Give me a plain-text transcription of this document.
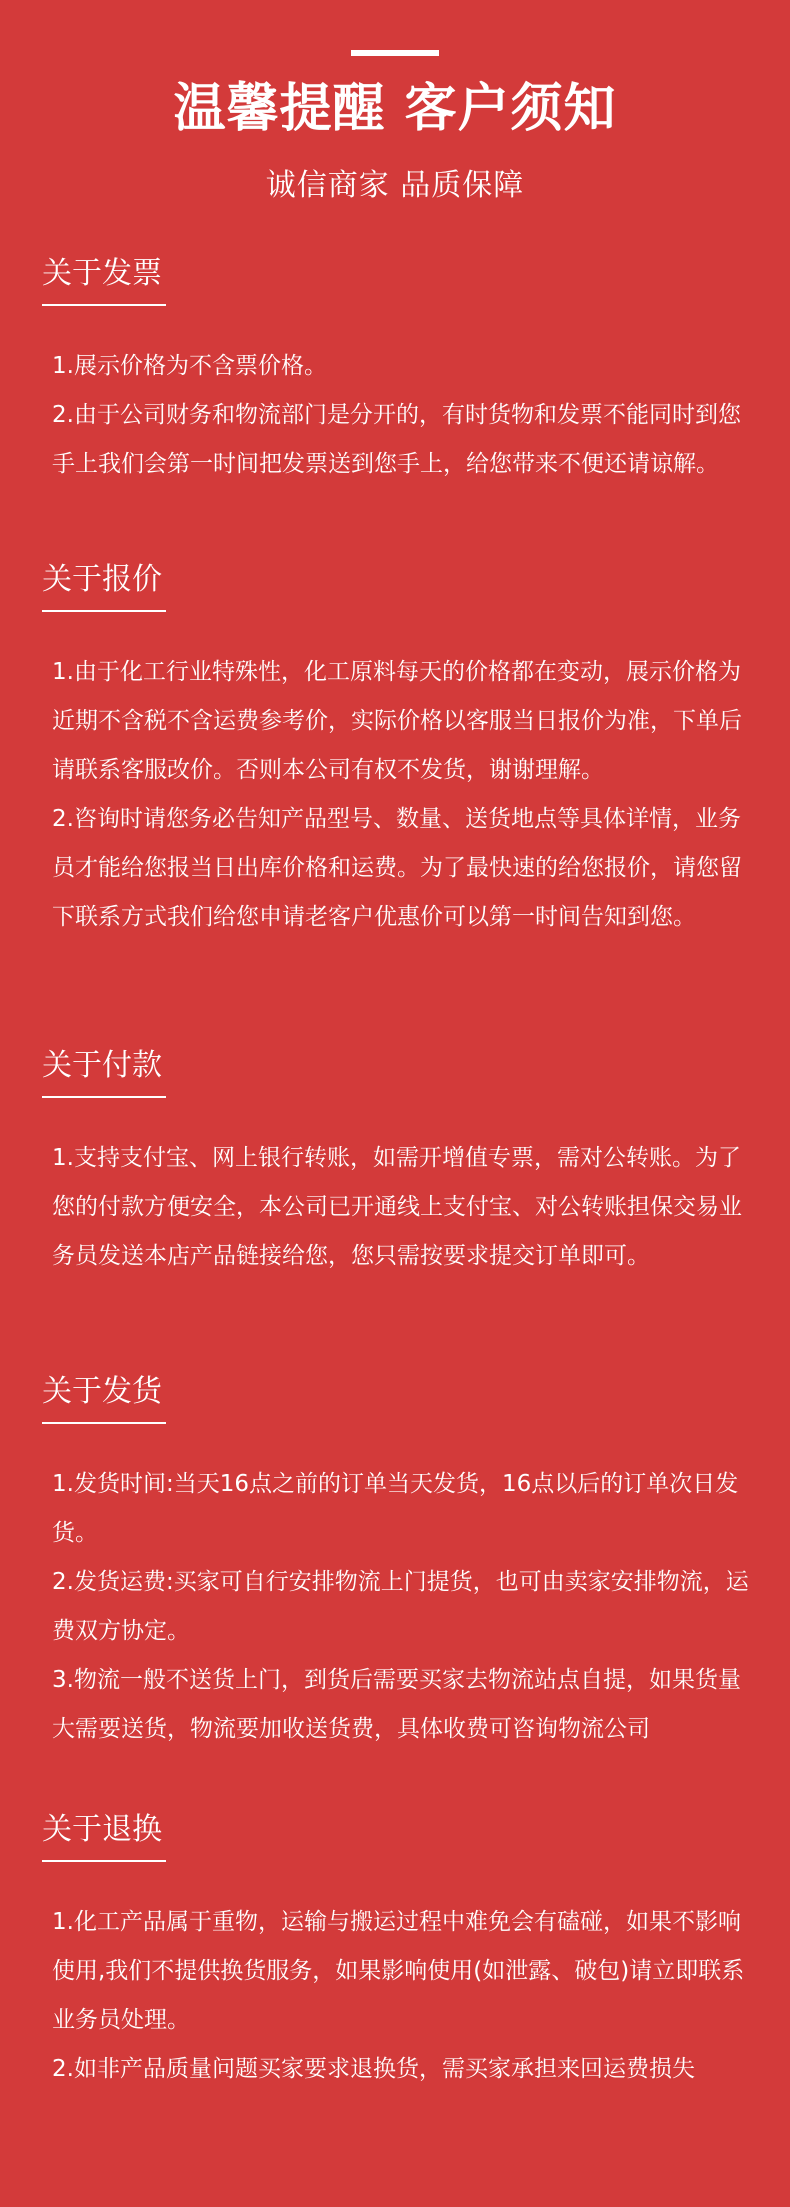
温馨提醒 客户须知
诚信商家 品质保障
关于发票

1.展示价格为不含票价格。

2.由于公司财务和物流部门是分开的，有时货物和发票不能同时到您手上我们会第一时间把发票送到您手上，给您带来不便还请谅解。

关于报价

1.由于化工行业特殊性，化工原料每天的价格都在变动，展示价格为近期不含税不含运费参考价，实际价格以客服当日报价为准，下单后请联系客服改价。否则本公司有权不发货，谢谢理解。

2.咨询时请您务必告知产品型号、数量、送货地点等具体详情，业务员才能给您报当日出库价格和运费。为了最快速的给您报价，请您留下联系方式我们给您申请老客户优惠价可以第一时间告知到您。

关于付款

1.支持支付宝、网上银行转账，如需开增值专票，需对公转账。为了您的付款方便安全，本公司已开通线上支付宝、对公转账担保交易业务员发送本店产品链接给您，您只需按要求提交订单即可。

关于发货

1.发货时间:当天16点之前的订单当天发货，16点以后的订单次日发货。

2.发货运费:买家可自行安排物流上门提货，也可由卖家安排物流，运费双方协定。

3.物流一般不送货上门，到货后需要买家去物流站点自提，如果货量大需要送货，物流要加收送货费，具体收费可咨询物流公司

关于退换

1.化工产品属于重物，运输与搬运过程中难免会有磕碰，如果不影响使用,我们不提供换货服务，如果影响使用(如泄露、破包)请立即联系业务员处理。

2.如非产品质量问题买家要求退换货，需买家承担来回运费损失
